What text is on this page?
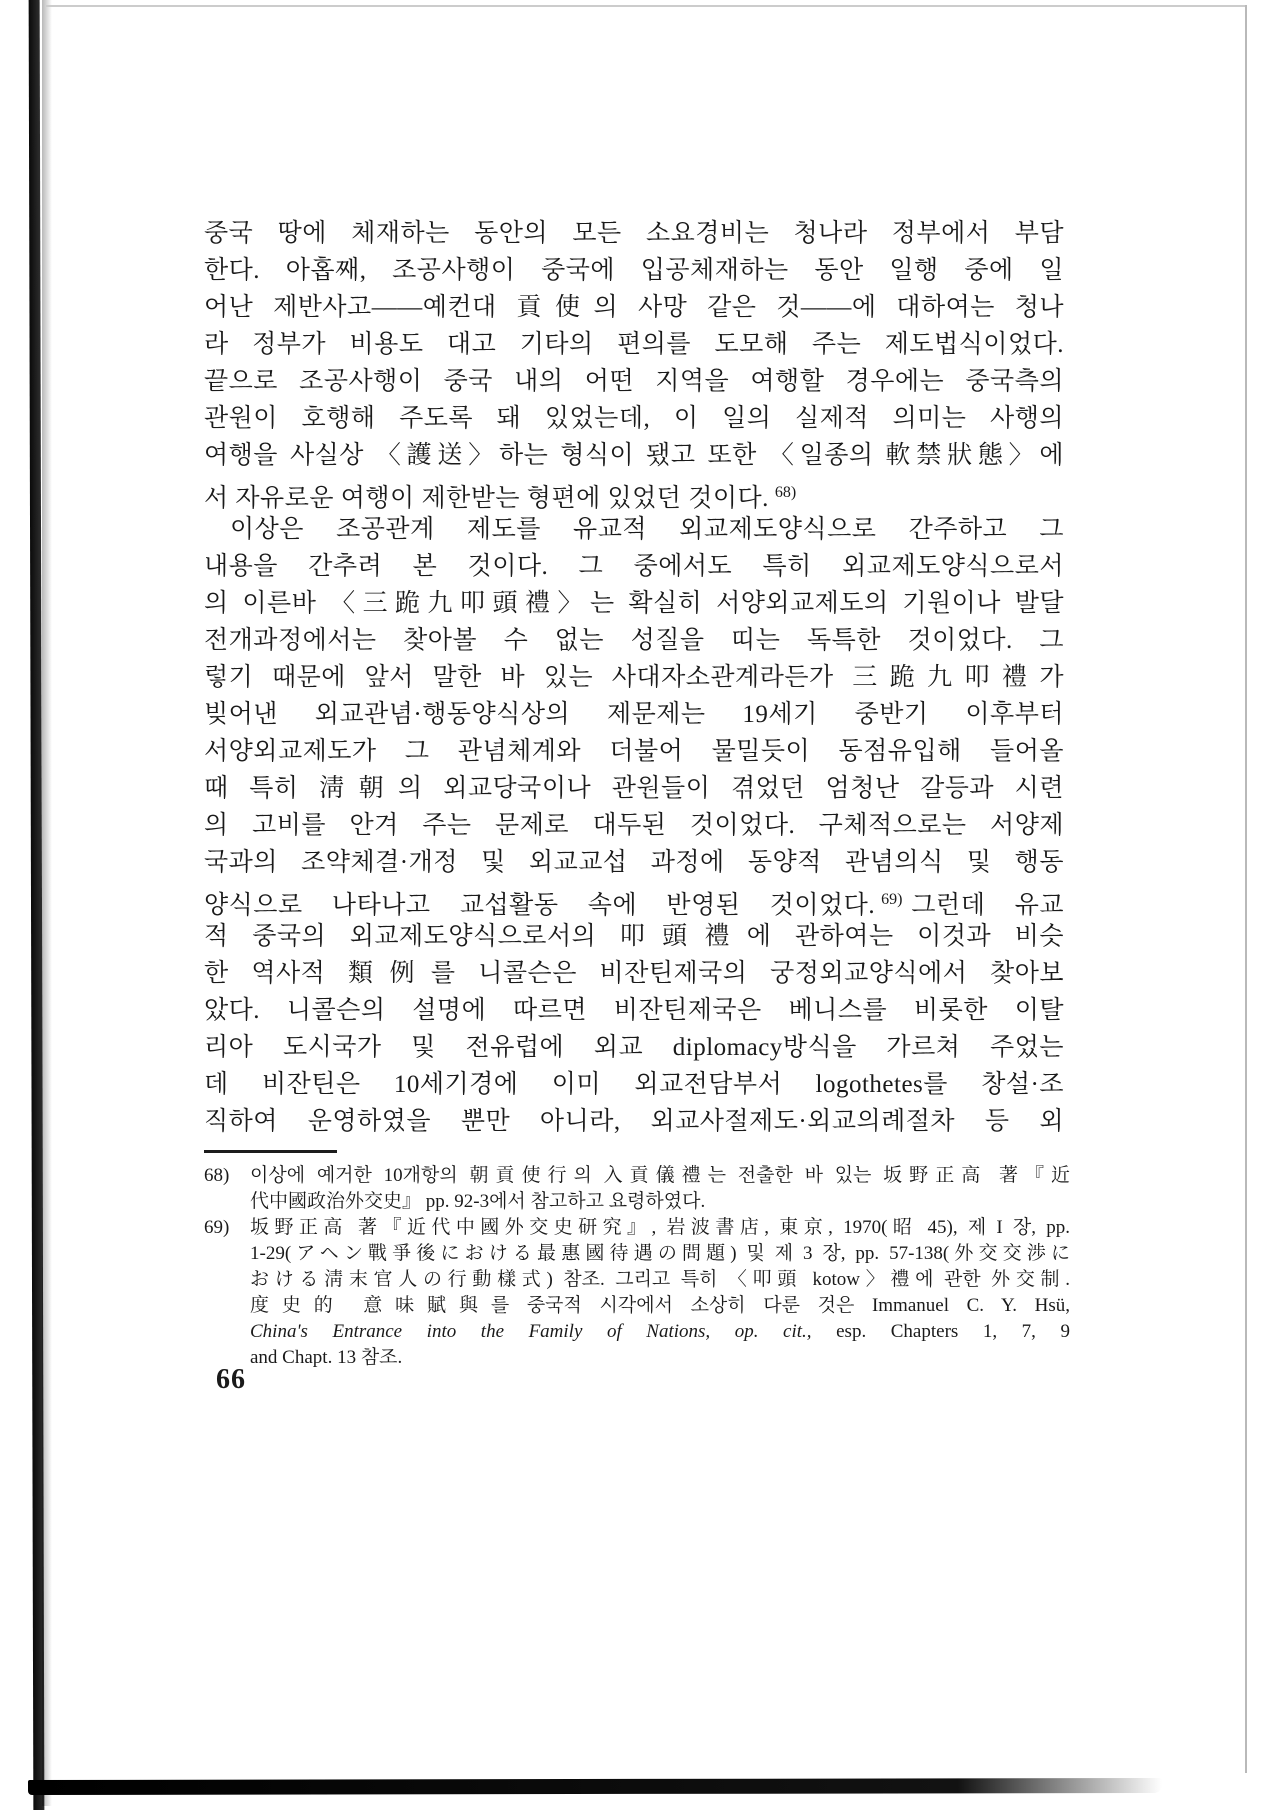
중국 땅에 체재하는 동안의 모든 소요경비는 청나라 정부에서 부담
한다. 아홉째, 조공사행이 중국에 입공체재하는 동안 일행 중에 일
어난 제반사고——예컨대 貢使의 사망 같은 것——에 대하여는 청나
라 정부가 비용도 대고 기타의 편의를 도모해 주는 제도법식이었다.
끝으로 조공사행이 중국 내의 어떤 지역을 여행할 경우에는 중국측의
관원이 호행해 주도록 돼 있었는데, 이 일의 실제적 의미는 사행의
여행을 사실상 〈護送〉하는 형식이 됐고 또한 〈일종의 軟禁狀態〉에
서 자유로운 여행이 제한받는 형편에 있었던 것이다. $^{68)}$
이상은 조공관계 제도를 유교적 외교제도양식으로 간주하고 그
내용을 간추려 본 것이다. 그 중에서도 특히 외교제도양식으로서
의 이른바 〈三跪九叩頭禮〉는 확실히 서양외교제도의 기원이나 발달
전개과정에서는 찾아볼 수 없는 성질을 띠는 독특한 것이었다. 그
렇기 때문에 앞서 말한 바 있는 사대자소관계라든가 三跪九叩禮가
빚어낸 외교관념·행동양식상의 제문제는 19세기 중반기 이후부터
서양외교제도가 그 관념체계와 더불어 물밀듯이 동점유입해 들어올
때 특히 淸朝의 외교당국이나 관원들이 겪었던 엄청난 갈등과 시련
의 고비를 안겨 주는 문제로 대두된 것이었다. 구체적으로는 서양제
국과의 조약체결·개정 및 외교교섭 과정에 동양적 관념의식 및 행동
양식으로 나타나고 교섭활동 속에 반영된 것이었다. $^{69)}$ 그런데 유교
적 중국의 외교제도양식으로서의 叩頭禮에 관하여는 이것과 비슷
한 역사적 類例를 니콜슨은 비잔틴제국의 궁정외교양식에서 찾아보
았다. 니콜슨의 설명에 따르면 비잔틴제국은 베니스를 비롯한 이탈
리아 도시국가 및 전유럽에 외교 diplomacy방식을 가르쳐 주었는
데 비잔틴은 10세기경에 이미 외교전담부서 logothetes를 창설·조
직하여 운영하였을 뿐만 아니라, 외교사절제도·외교의례절차 등 외
68)	이상에 예거한 10개항의 朝貢使行의 入貢儀禮는 전출한 바 있는 坂野正高 著『近
代中國政治外交史』 pp. 92-3에서 참고하고 요령하였다.
69)	坂野正高 著『近代中國外交史研究』, 岩波書店, 東京, 1970(昭 45), 제 I 장, pp.
1-29(アヘン戰爭後における最惠國待遇の問題) 및 제 3 장, pp. 57-138(外交交渉に
おける淸末官人の行動樣式) 참조. 그리고 특히 〈叩頭 kotow〉禮에 관한 外交制.
度史的 意味賦與를 중국적 시각에서 소상히 다룬 것은 Immanuel C. Y. Hsü,
China's Entrance into the Family of Nations, op. cit., esp. Chapters 1, 7, 9
and Chapt. 13 참조.
66
